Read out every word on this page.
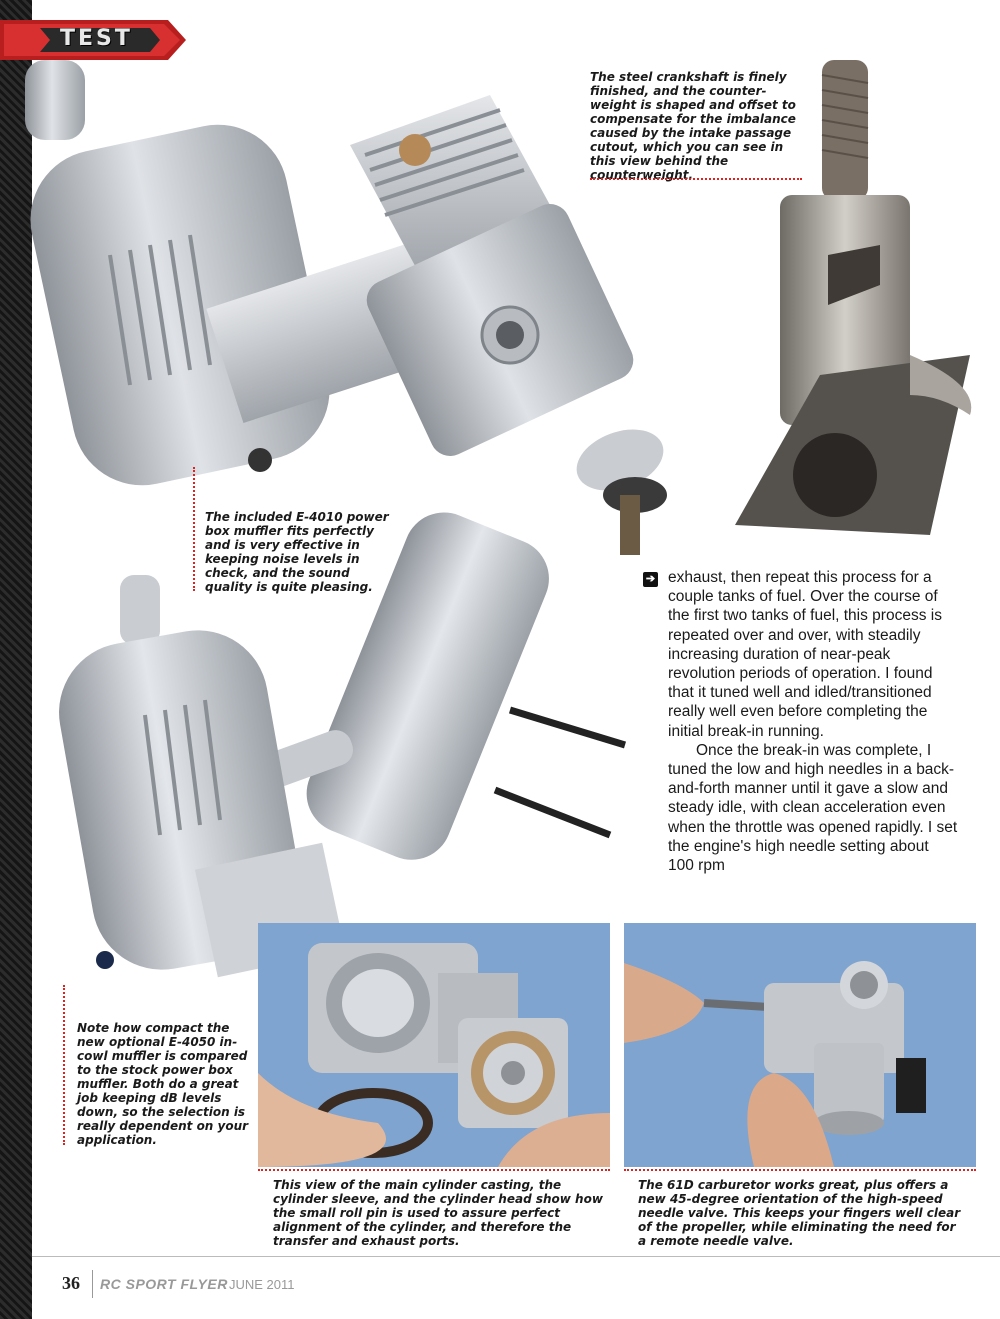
TEST
The steel crankshaft is finely finished, and the counter-weight is shaped and offset to compensate for the imbalance caused by the intake passage cutout, which you can see in this view behind the counterweight.
The included E-4010 power box muffler fits perfectly and is very effective in keeping noise levels in check, and the sound quality is quite pleasing.
➔ exhaust, then repeat this process for a couple tanks of fuel. Over the course of the first two tanks of fuel, this process is repeated over and over, with steadily increasing duration of near-peak revolution periods of operation. I found that it tuned well and idled/transitioned really well even before completing the initial break-in running.

Once the break-in was complete, I tuned the low and high needles in a back-and-forth manner until it gave a slow and steady idle, with clean acceleration even when the throttle was opened rapidly. I set the engine's high needle setting about 100 rpm

Note how compact the new optional E-4050 in-cowl muffler is compared to the stock power box muffler. Both do a great job keeping dB levels down, so the selection is really dependent on your application.
This view of the main cylinder casting, the cylinder sleeve, and the cylinder head show how the small roll pin is used to assure perfect alignment of the cylinder, and therefore the transfer and exhaust ports.
The 61D carburetor works great, plus offers a new 45-degree orientation of the high-speed needle valve. This keeps your fingers well clear of the propeller, while eliminating the need for a remote needle valve.
36 RC SPORT FLYER
- JUNE 2011
